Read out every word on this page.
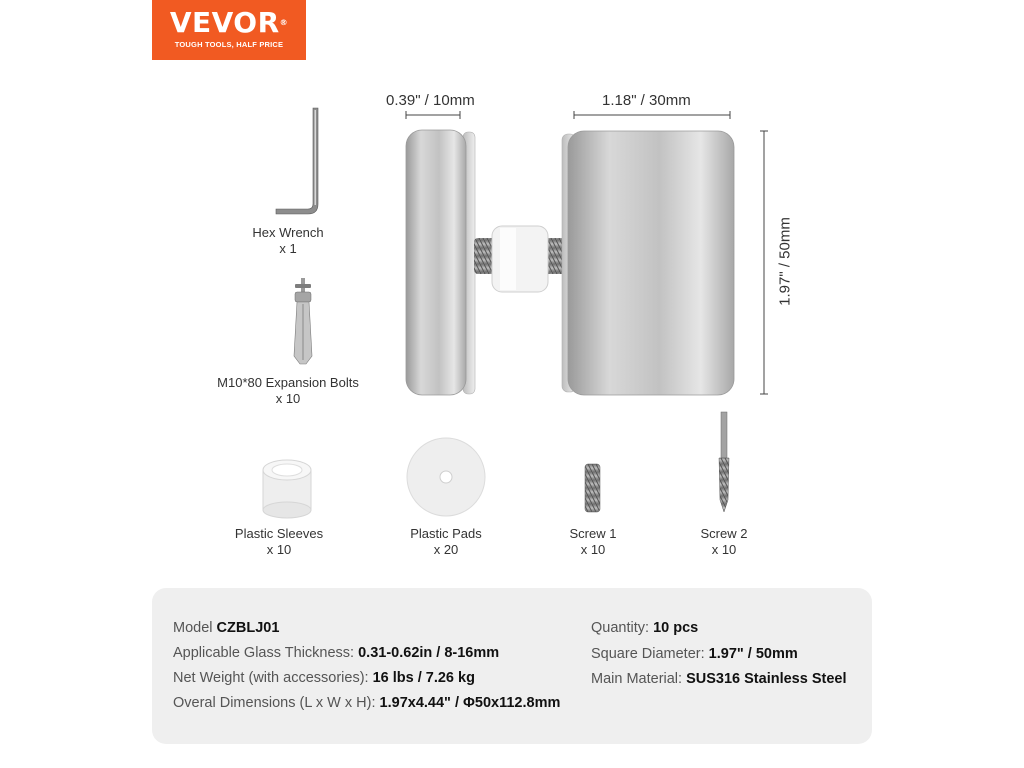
VEVOR®
TOUGH TOOLS, HALF PRICE
0.39" / 10mm	1.18" / 30mm
1.97" / 50mm
Hex Wrench
x 1
M10*80 Expansion Bolts
x 10
Plastic Sleeves
x 10
Plastic Pads
x 20
Screw 1
x 10
Screw 2
x 10
Model CZBLJ01
Applicable Glass Thickness: 0.31-0.62in / 8-16mm
Net Weight (with accessories): 16 lbs / 7.26 kg
Overal Dimensions (L x W x H): 1.97x4.44" / Φ50x112.8mm
Quantity: 10 pcs
Square Diameter: 1.97" / 50mm
Main Material: SUS316 Stainless Steel
